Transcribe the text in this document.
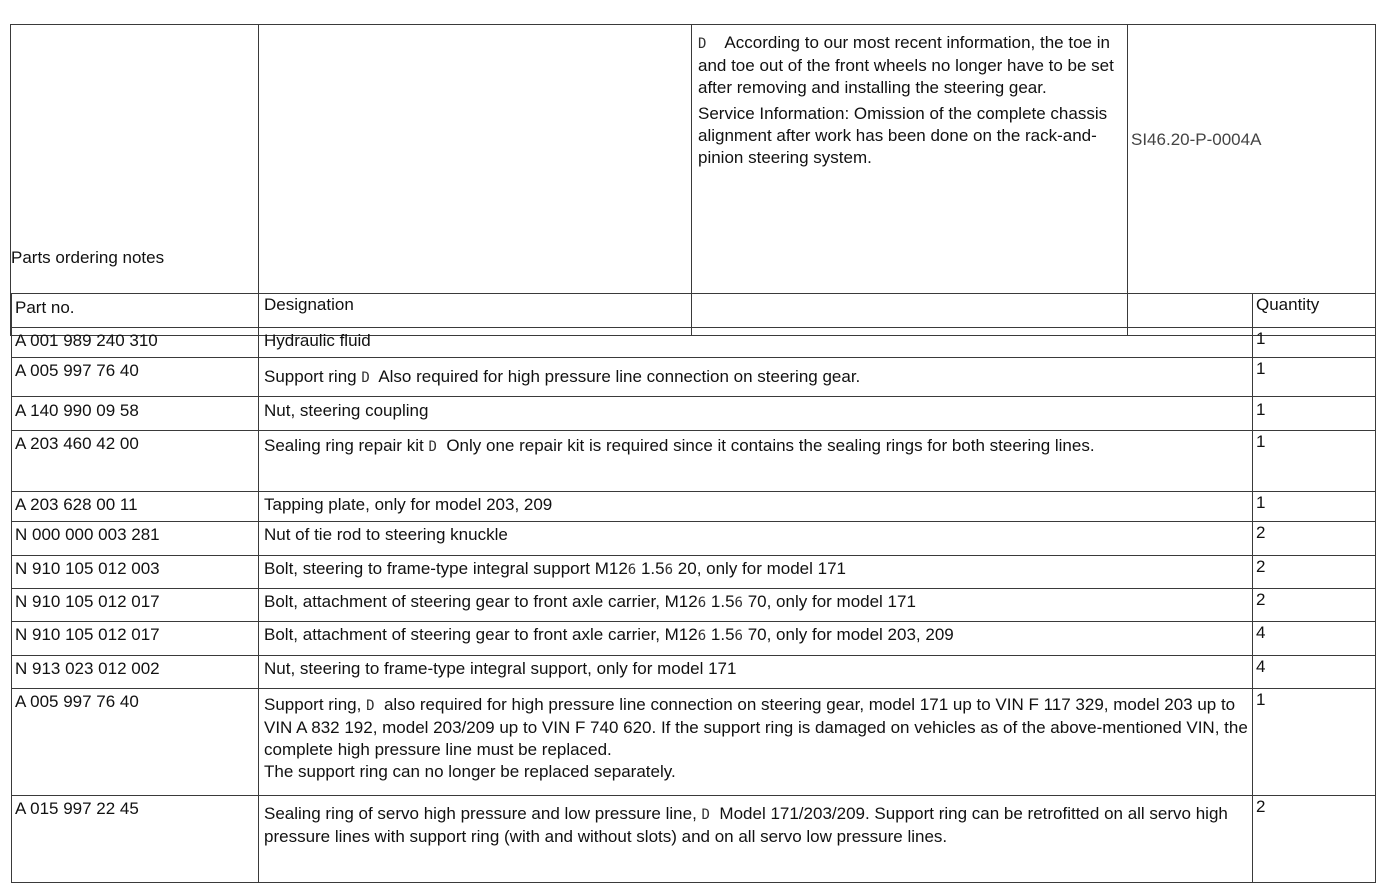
D According to our most recent information, the toe in and toe out of the front wheels no longer have to be set after removing and installing the steering gear.

Service Information: Omission of the complete chassis alignment after work has been done on the rack-and-pinion steering system.

	SI46.20-P-0004A
Parts ordering notes
Part no.	Designation	Quantity
A 001 989 240 310	Hydraulic fluid	1
A 005 997 76 40	Support ring D Also required for high pressure line connection on steering gear.	1
A 140 990 09 58	Nut, steering coupling	1
A 203 460 42 00	Sealing ring repair kit D Only one repair kit is required since it contains the sealing rings for both steering lines.	1
A 203 628 00 11	Tapping plate, only for model 203, 209	1
N 000 000 003 281	Nut of tie rod to steering knuckle	2
N 910 105 012 003	Bolt, steering to frame-type integral support M126 1.56 20, only for model 171	2
N 910 105 012 017	Bolt, attachment of steering gear to front axle carrier, M126 1.56 70, only for model 171	2
N 910 105 012 017	Bolt, attachment of steering gear to front axle carrier, M126 1.56 70, only for model 203, 209	4
N 913 023 012 002	Nut, steering to frame-type integral support, only for model 171	4
A 005 997 76 40	Support ring, D also required for high pressure line connection on steering gear, model 171 up to VIN F 117 329, model 203 up to VIN A 832 192, model 203/209 up to VIN F 740 620. If the support ring is damaged on vehicles as of the above-mentioned VIN, the complete high pressure line must be replaced.
The support ring can no longer be replaced separately.	1
A 015 997 22 45	Sealing ring of servo high pressure and low pressure line, D Model 171/203/209. Support ring can be retrofitted on all servo high pressure lines with support ring (with and without slots) and on all servo low pressure lines.	2
